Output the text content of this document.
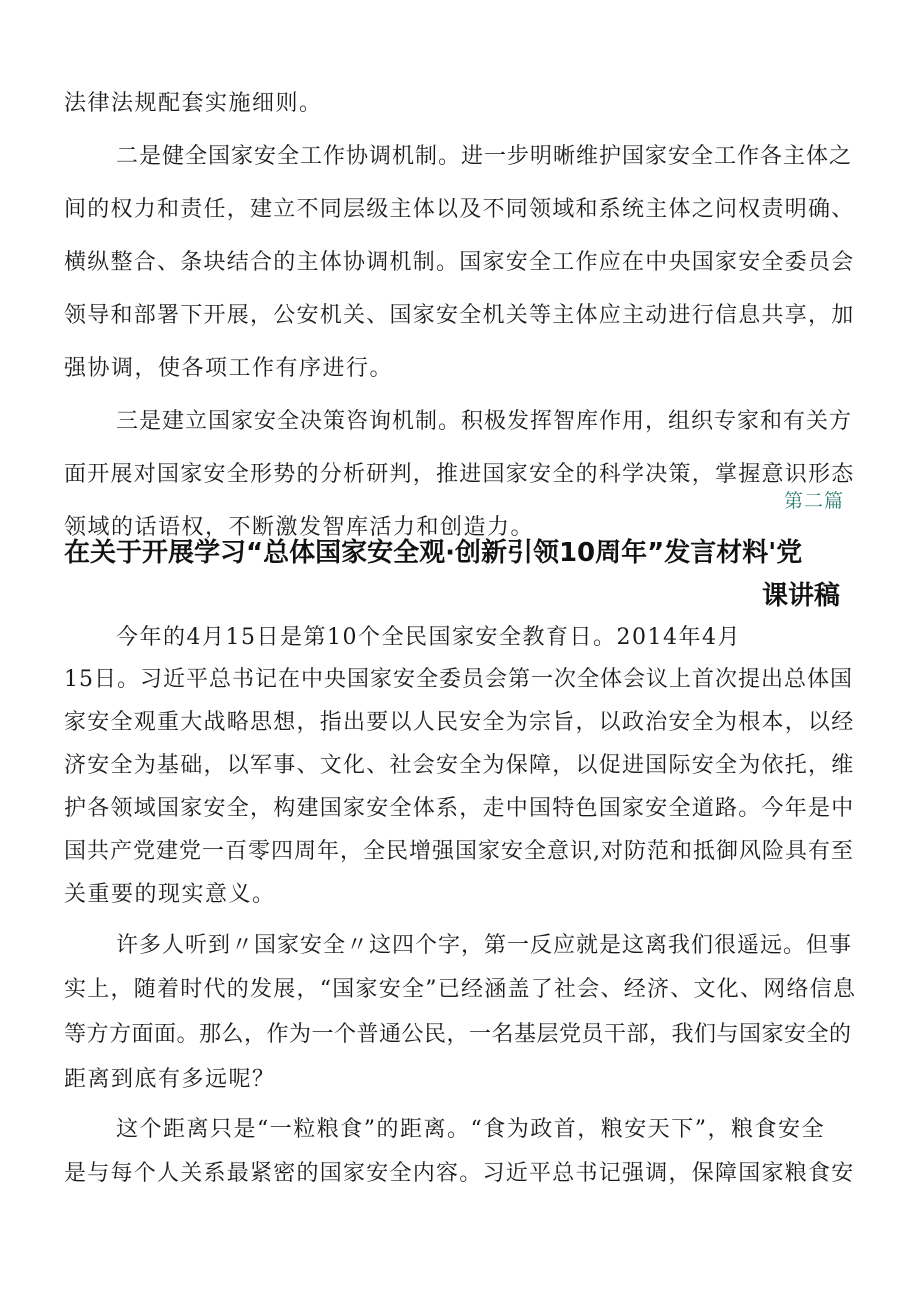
法律法规配套实施细则。
二是健全国家安全工作协调机制。进一步明晰维护国家安全工作各主体之
间的权力和责任，建立不同层级主体以及不同领域和系统主体之问权责明确、
横纵整合、条块结合的主体协调机制。国家安全工作应在中央国家安全委员会
领导和部署下开展，公安机关、国家安全机关等主体应主动进行信息共享，加
强协调，使各项工作有序进行。
三是建立国家安全决策咨询机制。积极发挥智库作用，组织专家和有关方
面开展对国家安全形势的分析研判，推进国家安全的科学决策，掌握意识形态
领域的话语权，不断激发智库活力和创造力。
第二篇
在关于开展学习“总体国家安全观·创新引领10周年”发言材料'党
课讲稿
今年的4月15日是第10个全民国家安全教育日。2014年4月
15日。习近平总书记在中央国家安全委员会第一次全体会议上首次提出总体国
家安全观重大战略思想，指出要以人民安全为宗旨，以政治安全为根本，以经
济安全为基础，以军事、文化、社会安全为保障，以促进国际安全为依托，维
护各领域国家安全，构建国家安全体系，走中国特色国家安全道路。今年是中
国共产党建党一百零四周年，全民增强国家安全意识,对防范和抵御风险具有至
关重要的现实意义。
许多人听到〃国家安全〃这四个字，第一反应就是这离我们很遥远。但事
实上，随着时代的发展，“国家安全”已经涵盖了社会、经济、文化、网络信息
等方方面面。那么，作为一个普通公民，一名基层党员干部，我们与国家安全的
距离到底有多远呢？
这个距离只是“一粒粮食”的距离。“食为政首，粮安天下”，粮食安全
是与每个人关系最紧密的国家安全内容。习近平总书记强调，保障国家粮食安
